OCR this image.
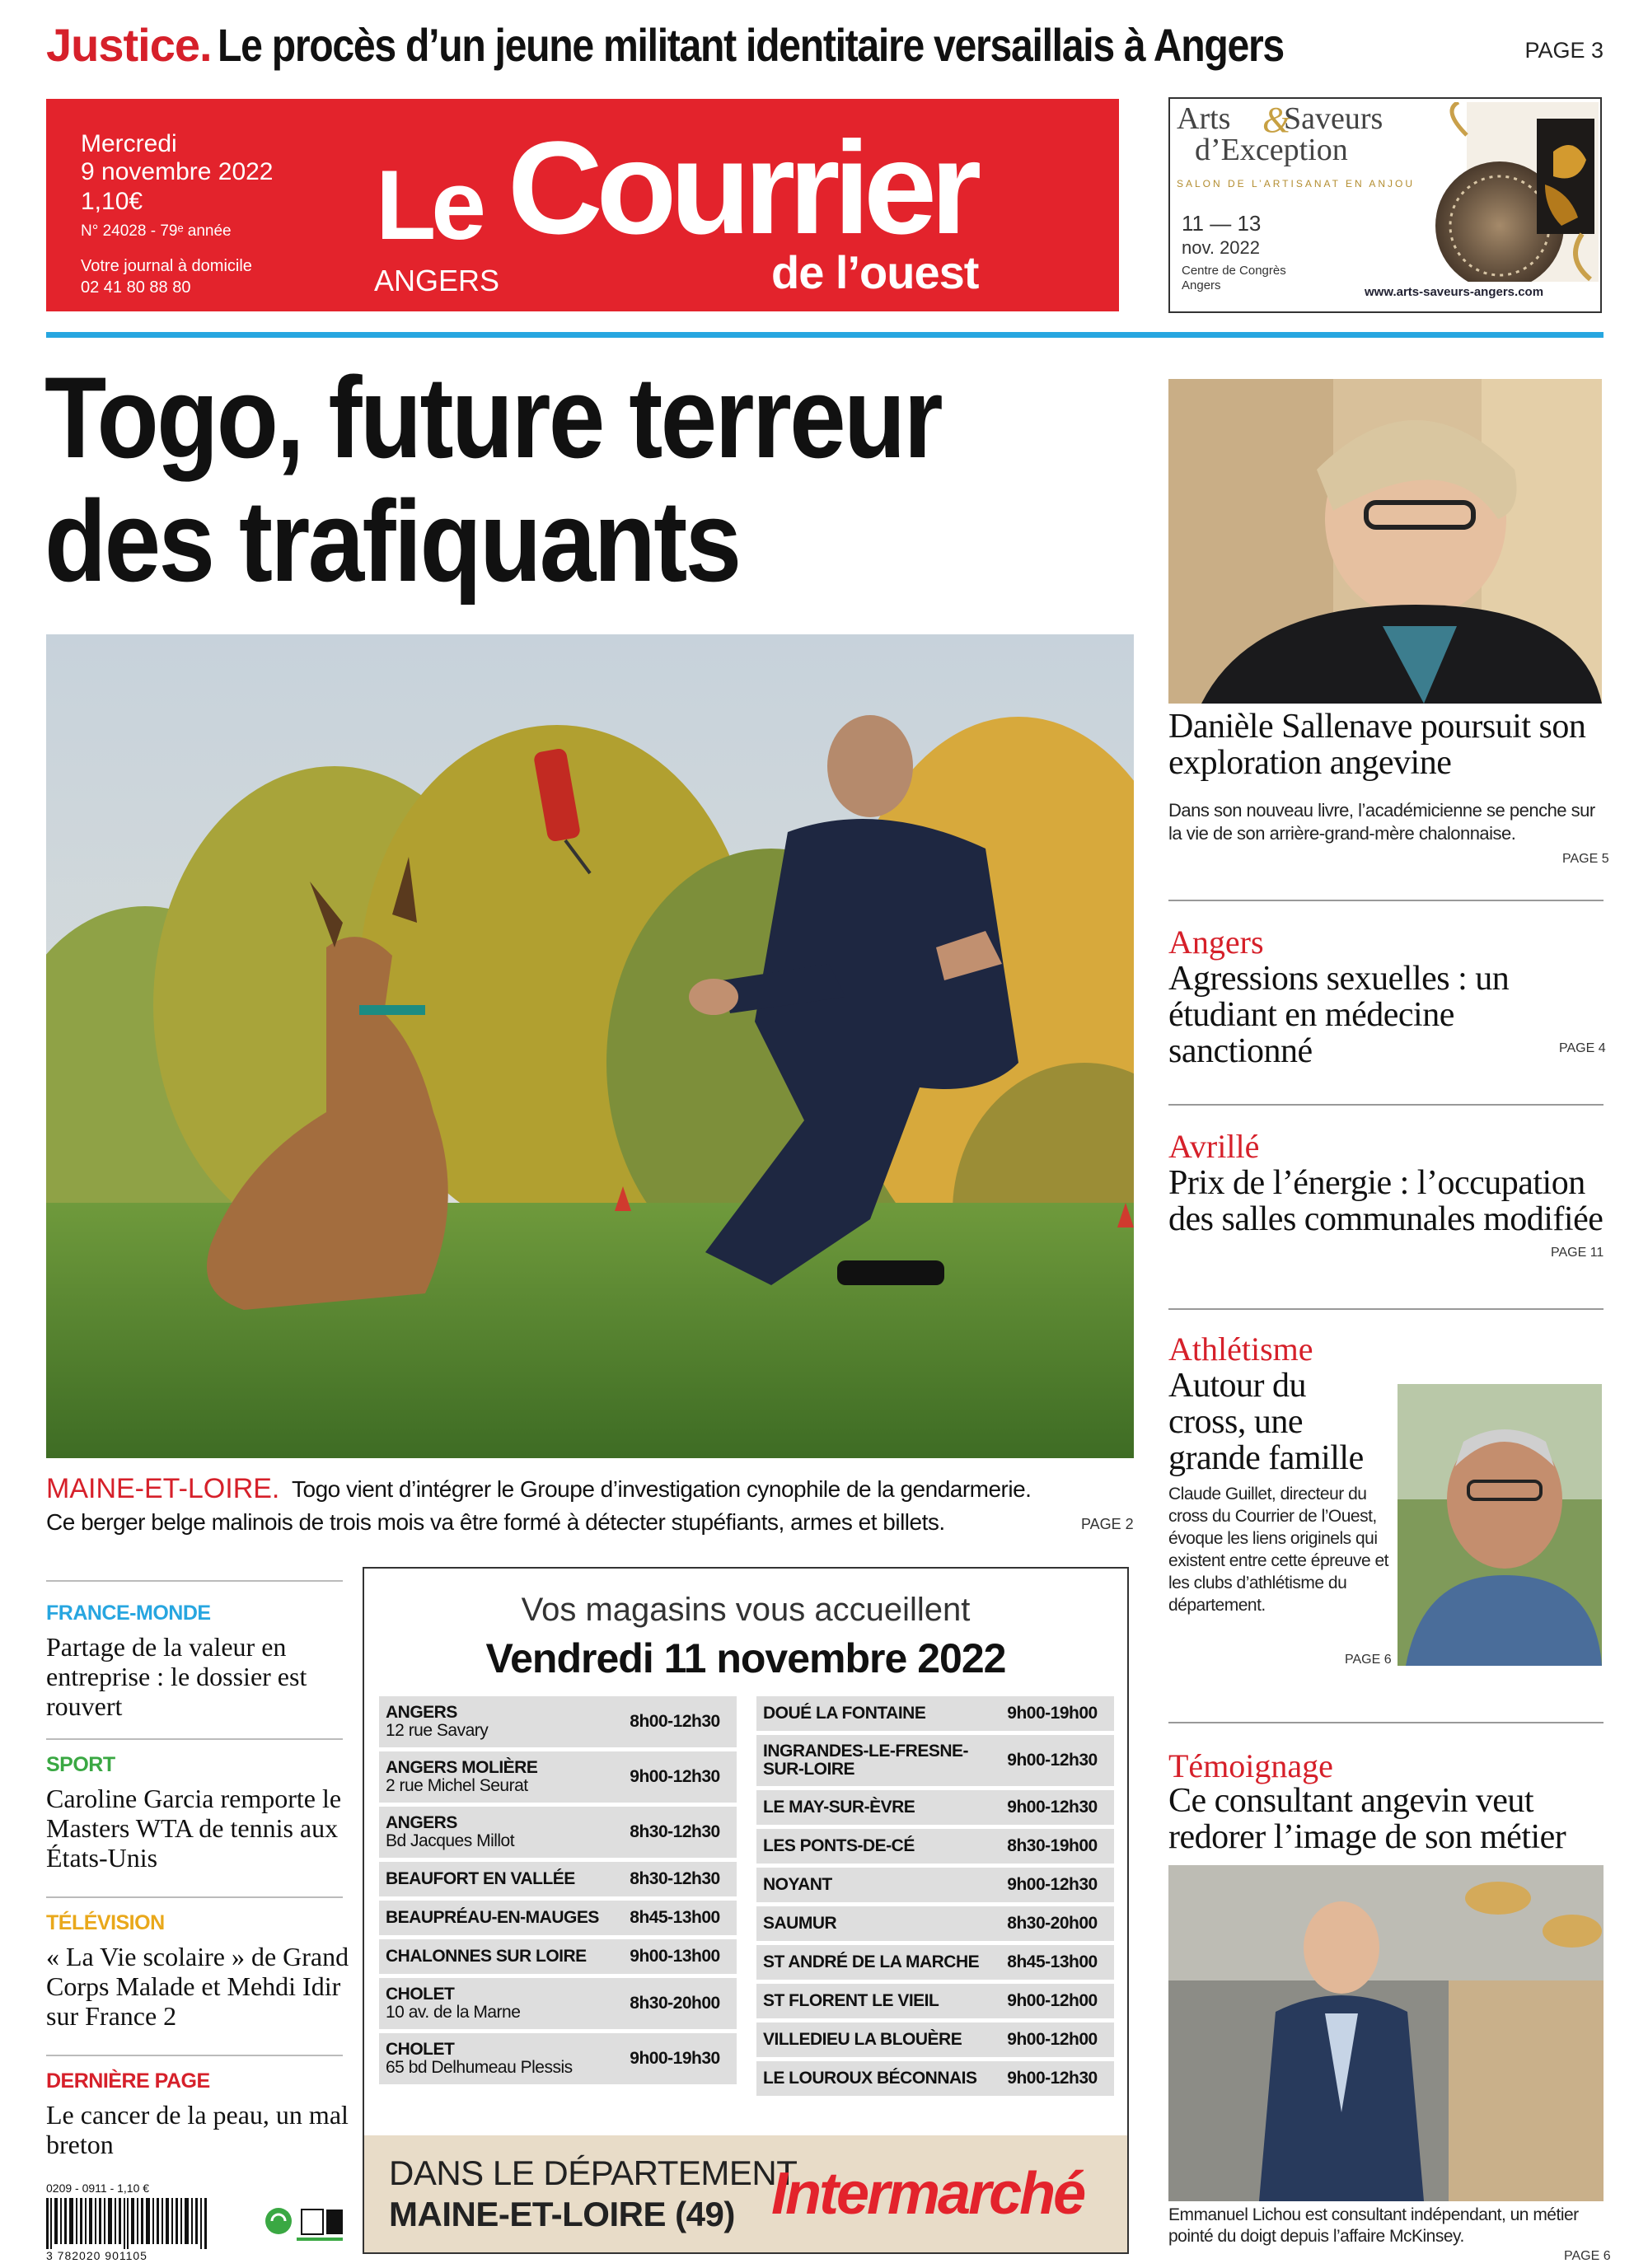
Justice. Le procès d’un jeune militant identitaire versaillais à Angers	PAGE 3
Mercredi
9 novembre 2022
1,10€
N° 24028 - 79ᵉ année
Votre journal à domicile
02 41 80 88 80
Le Courrier
de l’ouest
ANGERS
Arts &
Saveurs
d’Exception
SALON DE L’ARTISANAT EN ANJOU
11 — 13
nov. 2022
Centre de Congrès
Angers	www.arts-saveurs-angers.com
Togo, future terreur
des trafiquants
MAINE-ET-LOIRE. Togo vient d’intégrer le Groupe d’investigation cynophile de la gendarmerie.
Ce berger belge malinois de trois mois va être formé à détecter stupéfiants, armes et billets.	PAGE 2
FRANCE-MONDE
Partage de la valeur en entreprise : le dossier est rouvert
SPORT
Caroline Garcia remporte le Masters WTA de tennis aux États-Unis
TÉLÉVISION
« La Vie scolaire » de Grand Corps Malade et Mehdi Idir sur France 2
DERNIÈRE PAGE
Le cancer de la peau, un mal breton
0209 - 0911 - 1,10 €
3 782020 901105
Vos magasins vous accueillent
Vendredi 11 novembre 2022
ANGERS
12 rue Savary	8h00-12h30
ANGERS MOLIÈRE
2 rue Michel Seurat	9h00-12h30
ANGERS
Bd Jacques Millot	8h30-12h30
BEAUFORT EN VALLÉE	8h30-12h30
BEAUPRÉAU-EN-MAUGES	8h45-13h00
CHALONNES SUR LOIRE	9h00-13h00
CHOLET
10 av. de la Marne	8h30-20h00
CHOLET
65 bd Delhumeau Plessis	9h00-19h30
DOUÉ LA FONTAINE	9h00-19h00
INGRANDES-LE-FRESNE-
SUR-LOIRE	9h00-12h30
LE MAY-SUR-ÈVRE	9h00-12h30
LES PONTS-DE-CÉ	8h30-19h00
NOYANT	9h00-12h30
SAUMUR	8h30-20h00
ST ANDRÉ DE LA MARCHE	8h45-13h00
ST FLORENT LE VIEIL	9h00-12h00
VILLEDIEU LA BLOUÈRE	9h00-12h00
LE LOUROUX BÉCONNAIS	9h00-12h30
DANS LE DÉPARTEMENT
MAINE-ET-LOIRE (49) Intermarché
Danièle Sallenave poursuit son exploration angevine
Dans son nouveau livre, l’académicienne se penche sur la vie de son arrière-grand-mère chalonnaise.
PAGE 5
Angers
Agressions sexuelles : un étudiant en médecine sanctionné	PAGE 4
Avrillé
Prix de l’énergie : l’occupation des salles communales modifiée
PAGE 11
Athlétisme
Autour du cross, une grande famille
Claude Guillet, directeur du cross du Courrier de l’Ouest, évoque les liens originels qui existent entre cette épreuve et les clubs d’athlétisme du département.
PAGE 6
Témoignage
Ce consultant angevin veut redorer l’image de son métier
Emmanuel Lichou est consultant indépendant, un métier pointé du doigt depuis l’affaire McKinsey.
PAGE 6
